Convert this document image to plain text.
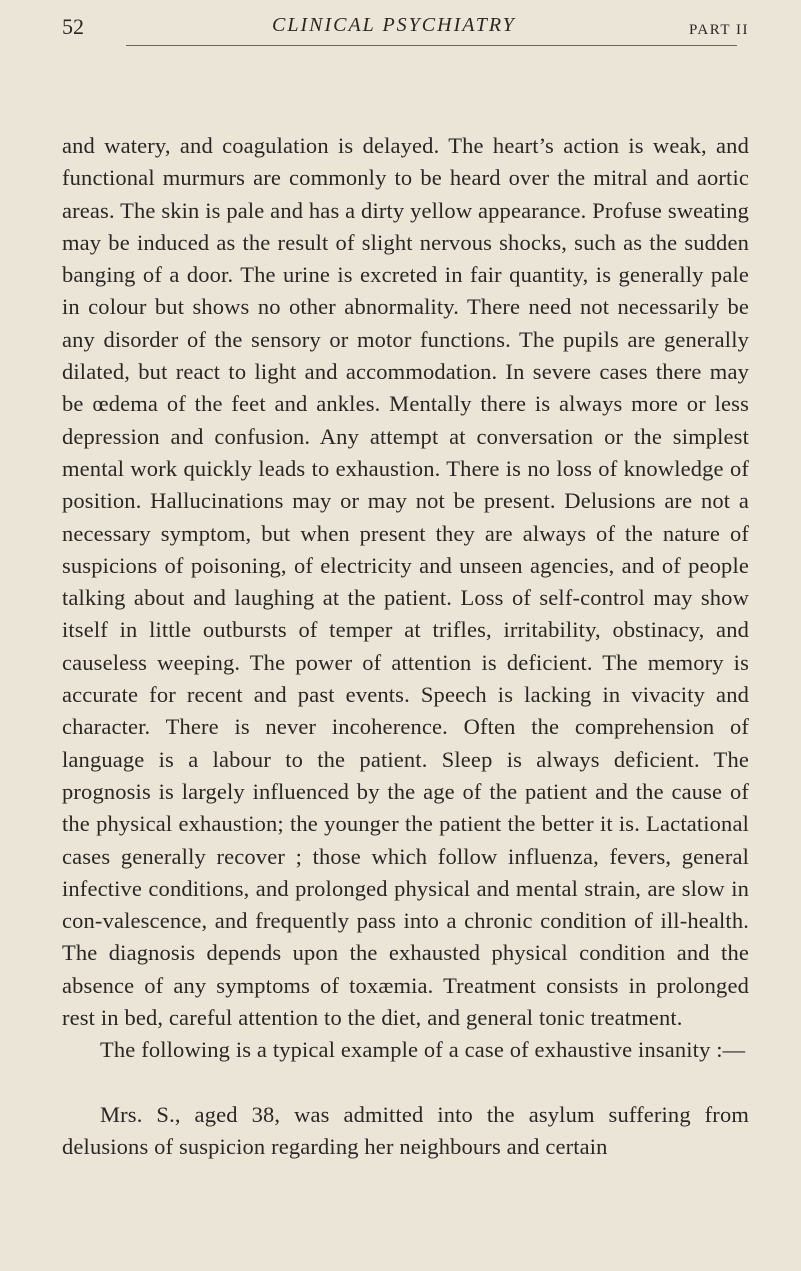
52	CLINICAL PSYCHIATRY	PART II

and watery, and coagulation is delayed. The heart’s action is weak, and functional murmurs are commonly to be heard over the mitral and aortic areas. The skin is pale and has a dirty yellow appearance. Profuse sweating may be induced as the result of slight nervous shocks, such as the sudden banging of a door. The urine is excreted in fair quantity, is generally pale in colour but shows no other abnormality. There need not necessarily be any disorder of the sensory or motor functions. The pupils are generally dilated, but react to light and accommodation. In severe cases there may be œdema of the feet and ankles. Mentally there is always more or less depression and confusion. Any attempt at conversation or the simplest mental work quickly leads to exhaustion. There is no loss of knowledge of position. Hallucinations may or may not be present. Delusions are not a necessary symptom, but when present they are always of the nature of suspicions of poisoning, of electricity and unseen agencies, and of people talking about and laughing at the patient. Loss of self-control may show itself in little outbursts of temper at trifles, irritability, obstinacy, and causeless weeping. The power of attention is deficient. The memory is accurate for recent and past events. Speech is lacking in vivacity and character. There is never incoherence. Often the comprehension of language is a labour to the patient. Sleep is always deficient. The prognosis is largely influenced by the age of the patient and the cause of the physical exhaustion; the younger the patient the better it is. Lactational cases generally recover ; those which follow influenza, fevers, general infective conditions, and prolonged physical and mental strain, are slow in con-valescence, and frequently pass into a chronic condition of ill-health. The diagnosis depends upon the exhausted physical condition and the absence of any symptoms of toxæmia. Treatment consists in prolonged rest in bed, careful attention to the diet, and general tonic treatment.

The following is a typical example of a case of exhaustive insanity :—

Mrs. S., aged 38, was admitted into the asylum suffering from delusions of suspicion regarding her neighbours and certain
